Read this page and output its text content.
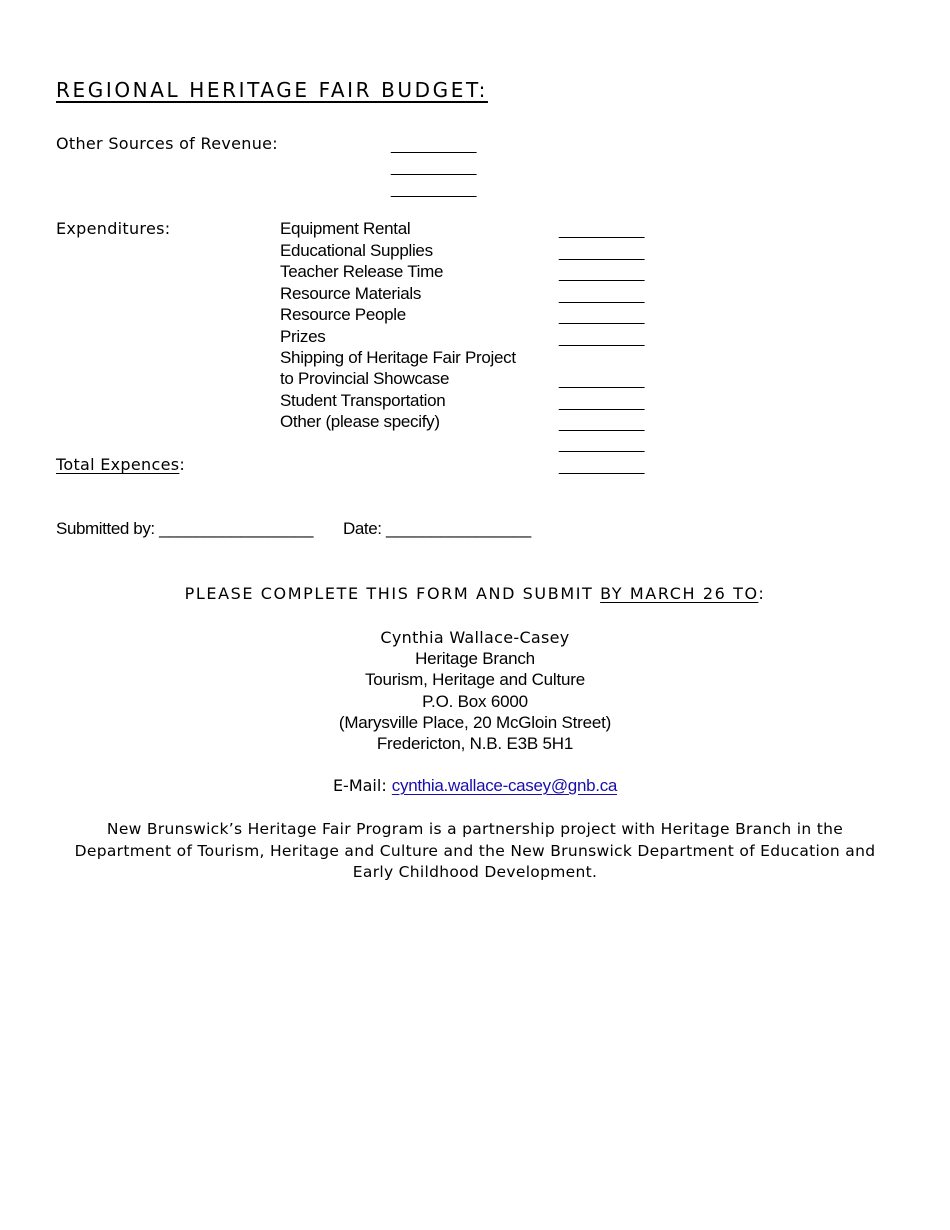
REGIONAL HERITAGE FAIR BUDGET:
Other Sources of Revenue:	__________
__________
__________
Expenditures:	Equipment Rental
Educational Supplies
Teacher Release Time
Resource Materials
Resource People
Prizes
Shipping of Heritage Fair Project
to Provincial Showcase
Student Transportation
Other (please specify)
__________
__________
__________
__________
__________
__________
__________
__________
__________
__________
__________
Total Expences:
Submitted by: _________________ Date: ________________
PLEASE COMPLETE THIS FORM AND SUBMIT BY MARCH 26 TO:
Cynthia Wallace-Casey
Heritage Branch
Tourism, Heritage and Culture
P.O. Box 6000
(Marysville Place, 20 McGloin Street)
Fredericton, N.B. E3B 5H1
E-Mail: cynthia.wallace-casey@gnb.ca
New Brunswick’s Heritage Fair Program is a partnership project with Heritage Branch in the
Department of Tourism, Heritage and Culture and the New Brunswick Department of Education and
Early Childhood Development.
